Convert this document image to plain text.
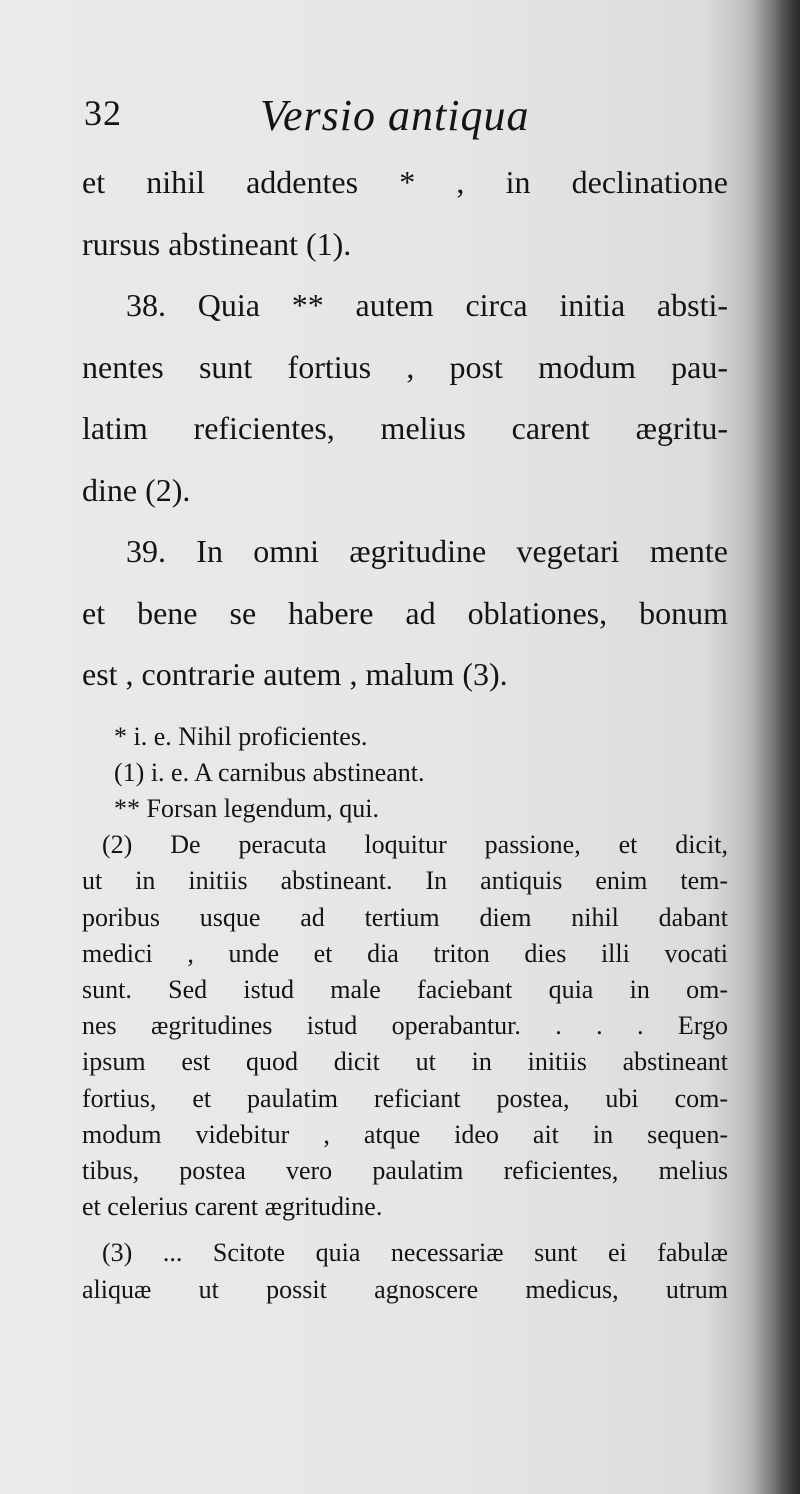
32	Versio antiqua
et nihil addentes * , in declinatione
rursus abstineant (1).
38. Quia ** autem circa initia absti-
nentes sunt fortius , post modum pau-
latim reficientes, melius carent ægritu-
dine (2).
39. In omni ægritudine vegetari mente
et bene se habere ad oblationes, bonum
est , contrarie autem , malum (3).
* i. e. Nihil proficientes.
(1) i. e. A carnibus abstineant.
** Forsan legendum, qui.
(2) De peracuta loquitur passione, et dicit,
ut in initiis abstineant. In antiquis enim tem-
poribus usque ad tertium diem nihil dabant
medici , unde et dia triton dies illi vocati
sunt. Sed istud male faciebant quia in om-
nes ægritudines istud operabantur. . . . Ergo
ipsum est quod dicit ut in initiis abstineant
fortius, et paulatim reficiant postea, ubi com-
modum videbitur , atque ideo ait in sequen-
tibus, postea vero paulatim reficientes, melius
et celerius carent ægritudine.
(3) ... Scitote quia necessariæ sunt ei fabulæ
aliquæ ut possit agnoscere medicus, utrum
